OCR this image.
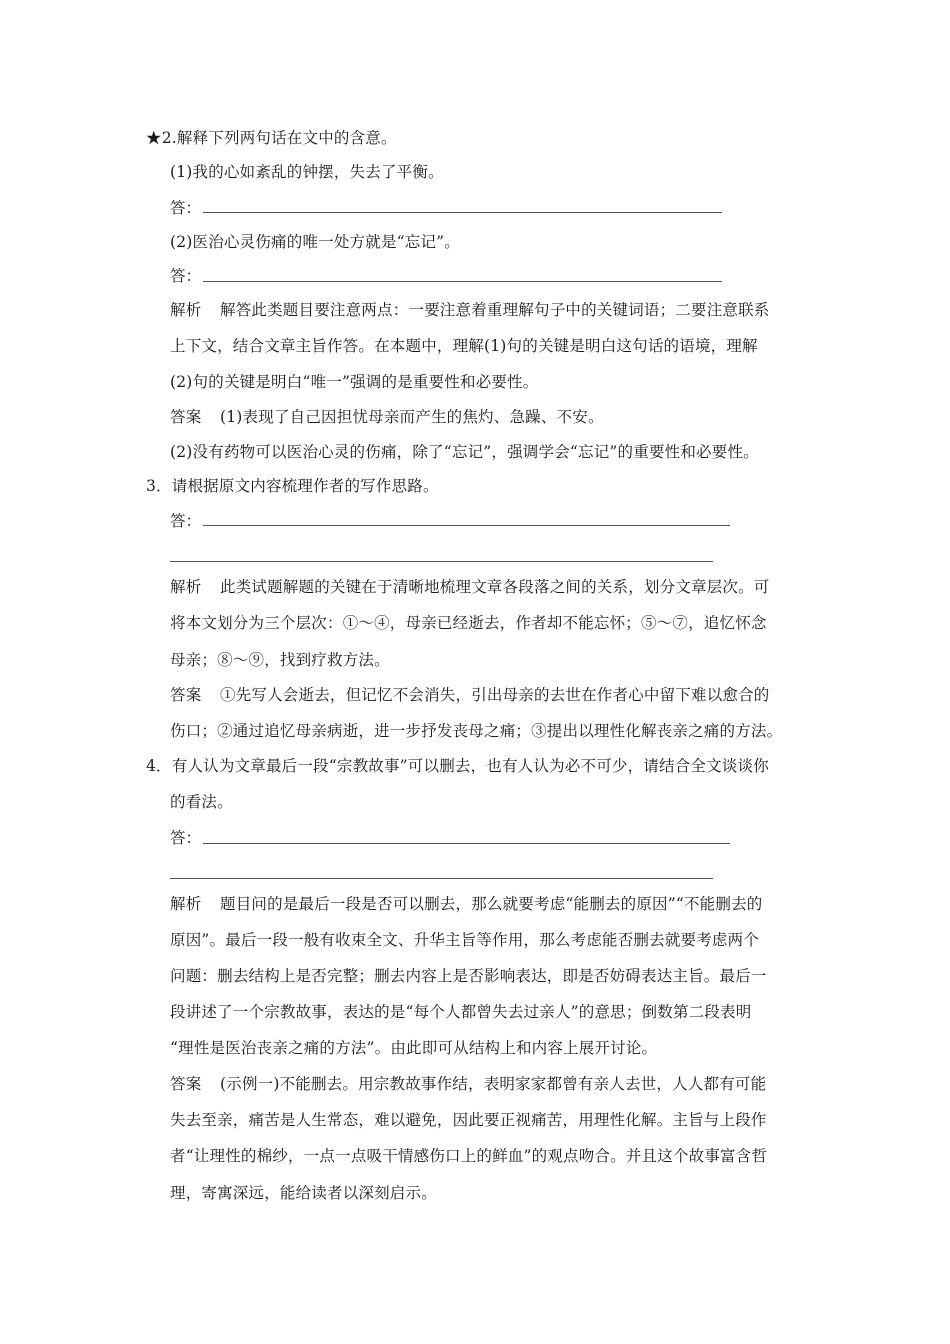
★2.解释下列两句话在文中的含意。
(1)我的心如紊乱的钟摆，失去了平衡。
答：
(2)医治心灵伤痛的唯一处方就是“忘记”。
答：
解析 解答此类题目要注意两点：一要注意着重理解句子中的关键词语；二要注意联系
上下文，结合文章主旨作答。在本题中，理解(1)句的关键是明白这句话的语境，理解
(2)句的关键是明白“唯一”强调的是重要性和必要性。
答案 (1)表现了自己因担忧母亲而产生的焦灼、急躁、不安。
(2)没有药物可以医治心灵的伤痛，除了“忘记”，强调学会“忘记”的重要性和必要性。
3．请根据原文内容梳理作者的写作思路。
答：
解析 此类试题解题的关键在于清晰地梳理文章各段落之间的关系，划分文章层次。可
将本文划分为三个层次：①～④，母亲已经逝去，作者却不能忘怀；⑤～⑦，追忆怀念
母亲；⑧～⑨，找到疗救方法。
答案 ①先写人会逝去，但记忆不会消失，引出母亲的去世在作者心中留下难以愈合的
伤口；②通过追忆母亲病逝，进一步抒发丧母之痛；③提出以理性化解丧亲之痛的方法。
4．有人认为文章最后一段“宗教故事”可以删去，也有人认为必不可少，请结合全文谈谈你
的看法。
答：
解析 题目问的是最后一段是否可以删去，那么就要考虑“能删去的原因”“不能删去的
原因”。最后一段一般有收束全文、升华主旨等作用，那么考虑能否删去就要考虑两个
问题：删去结构上是否完整；删去内容上是否影响表达，即是否妨碍表达主旨。最后一
段讲述了一个宗教故事，表达的是“每个人都曾失去过亲人”的意思；倒数第二段表明
“理性是医治丧亲之痛的方法”。由此即可从结构上和内容上展开讨论。
答案 (示例一)不能删去。用宗教故事作结，表明家家都曾有亲人去世，人人都有可能
失去至亲，痛苦是人生常态，难以避免，因此要正视痛苦，用理性化解。主旨与上段作
者“让理性的棉纱，一点一点吸干情感伤口上的鲜血”的观点吻合。并且这个故事富含哲
理，寄寓深远，能给读者以深刻启示。
